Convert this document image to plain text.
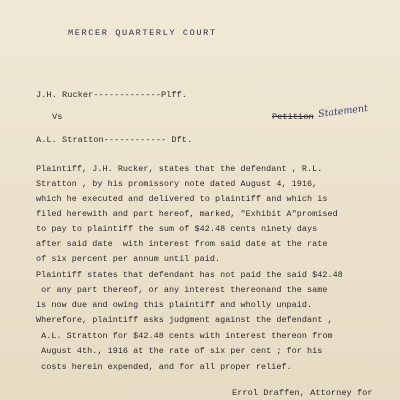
MERCER QUARTERLY COURT
J.H. Rucker-------------Plff.
Vs	Petition Statement
A.L. Stratton------------ Dft.
Plaintiff, J.H. Rucker, states that the defendant , R.L.
Stratton , by his promissory note dated August 4, 1916,
which he executed and delivered to plaintiff and which is
filed herewith and part hereof, marked, "Exhibit A"promised
to pay to plaintiff the sum of $42.48 cents ninety days
after said date  with interest from said date at the rate
of six percent per annum until paid.
Plaintiff states that defendant has not paid the said $42.48
or any part thereof, or any interest thereonand the same
is now due and owing this plaintiff and wholly unpaid.
Wherefore, plaintiff asks judgment against the defendant ,
A.L. Stratton for $42.48 cents with interest thereon from
August 4th., 1916 at the rate of six per cent ; for his
costs herein expended, and for all proper relief.
Errol Draffen, Attorney for
